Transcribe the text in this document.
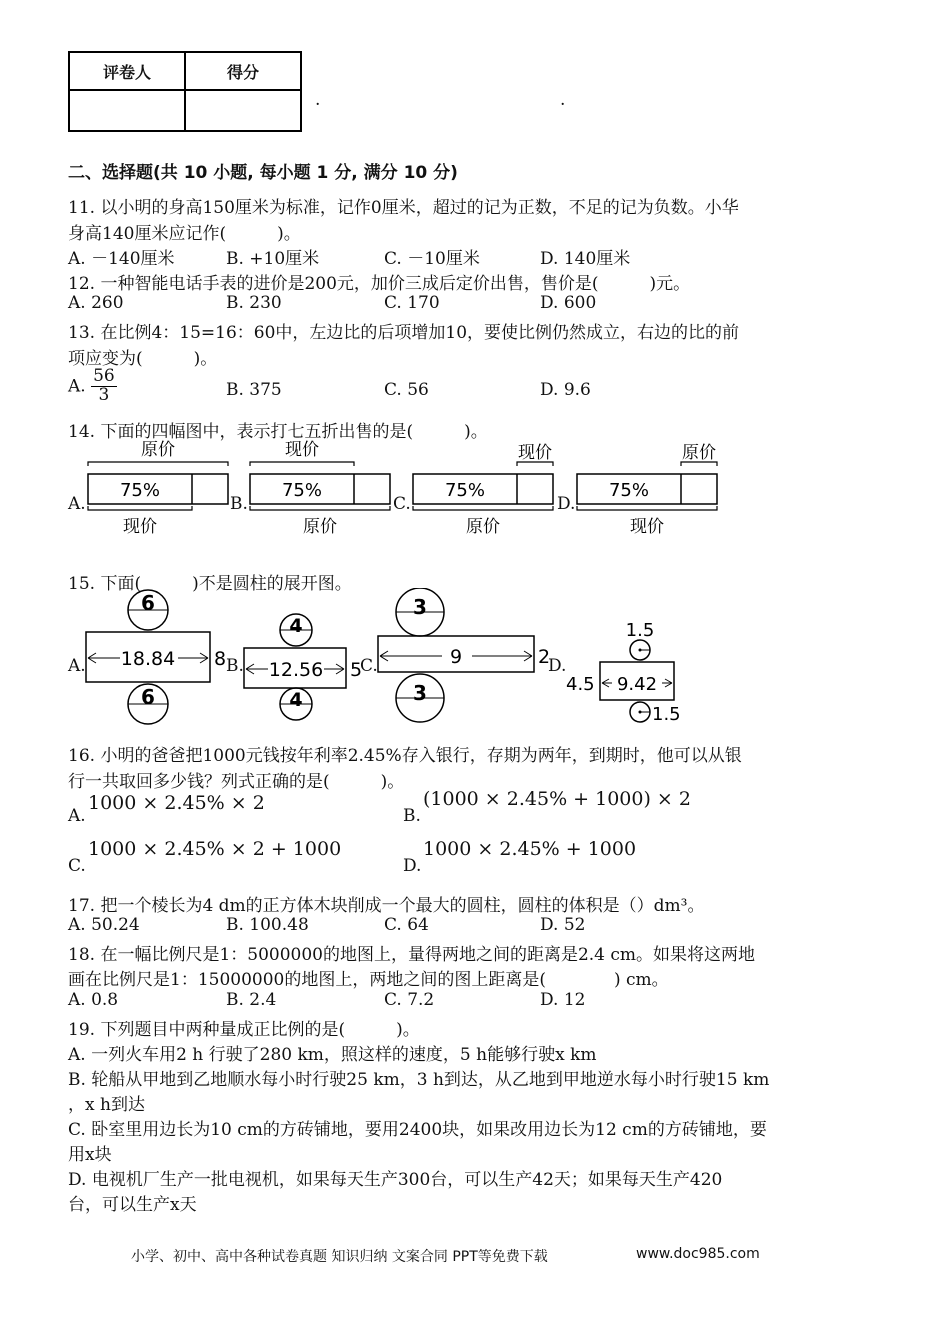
评卷人	得分

.	.
二、选择题(共 10 小题, 每小题 1 分, 满分 10 分)
11. 以小明的身高150厘米为标准，记作0厘米，超过的记为正数，不足的记为负数。小华
身高140厘米应记作(　　　)。
A. －140厘米	B. +10厘米	C. －10厘米	D. 140厘米
12. 一种智能电话手表的进价是200元，加价三成后定价出售，售价是(　　　)元。
A. 260	B. 230	C. 170	D. 600
13. 在比例4：15=16：60中，左边比的后项增加10，要使比例仍然成立，右边的比的前
项应变为(　　　)。
A. $\frac{56}{3}$	B. 375	C. 56	D. 9.6
14. 下面的四幅图中，表示打七五折出售的是(　　　)。
A.	B.	C.	D.
原价
75%
现价
现价
75%
原价
现价
75%
原价
原价
75%
现价
15. 下面(　　　)不是圆柱的展开图。
A.	B.	C.	D.
6
18.84 8
6
4
12.56 5
4
3
9	2
3
1.5
9.42
4.5
1.5
16. 小明的爸爸把1000元钱按年利率2.45%存入银行，存期为两年，到期时，他可以从银
行一共取回多少钱？列式正确的是(　　　)。
A.
1000 × 2.45% × 2
B.
(1000 × 2.45% + 1000) × 2
C.
1000 × 2.45% × 2 + 1000
D.
1000 × 2.45% + 1000
17. 把一个棱长为4 dm的正方体木块削成一个最大的圆柱，圆柱的体积是（）dm³。
A. 50.24	B. 100.48	C. 64	D. 52
18. 在一幅比例尺是1：5000000的地图上，量得两地之间的距离是2.4 cm。如果将这两地
画在比例尺是1：15000000的地图上，两地之间的图上距离是(　　　　) cm。
A. 0.8	B. 2.4	C. 7.2	D. 12
19. 下列题目中两种量成正比例的是(　　　)。
A. 一列火车用2 h 行驶了280 km，照这样的速度，5 h能够行驶x km
B. 轮船从甲地到乙地顺水每小时行驶25 km，3 h到达，从乙地到甲地逆水每小时行驶15 km
，x h到达
C. 卧室里用边长为10 cm的方砖铺地，要用2400块，如果改用边长为12 cm的方砖铺地，要
用x块
D. 电视机厂生产一批电视机，如果每天生产300台，可以生产42天；如果每天生产420
台，可以生产x天
小学、初中、高中各种试卷真题 知识归纳 文案合同 PPT等免费下载	www.doc985.com
